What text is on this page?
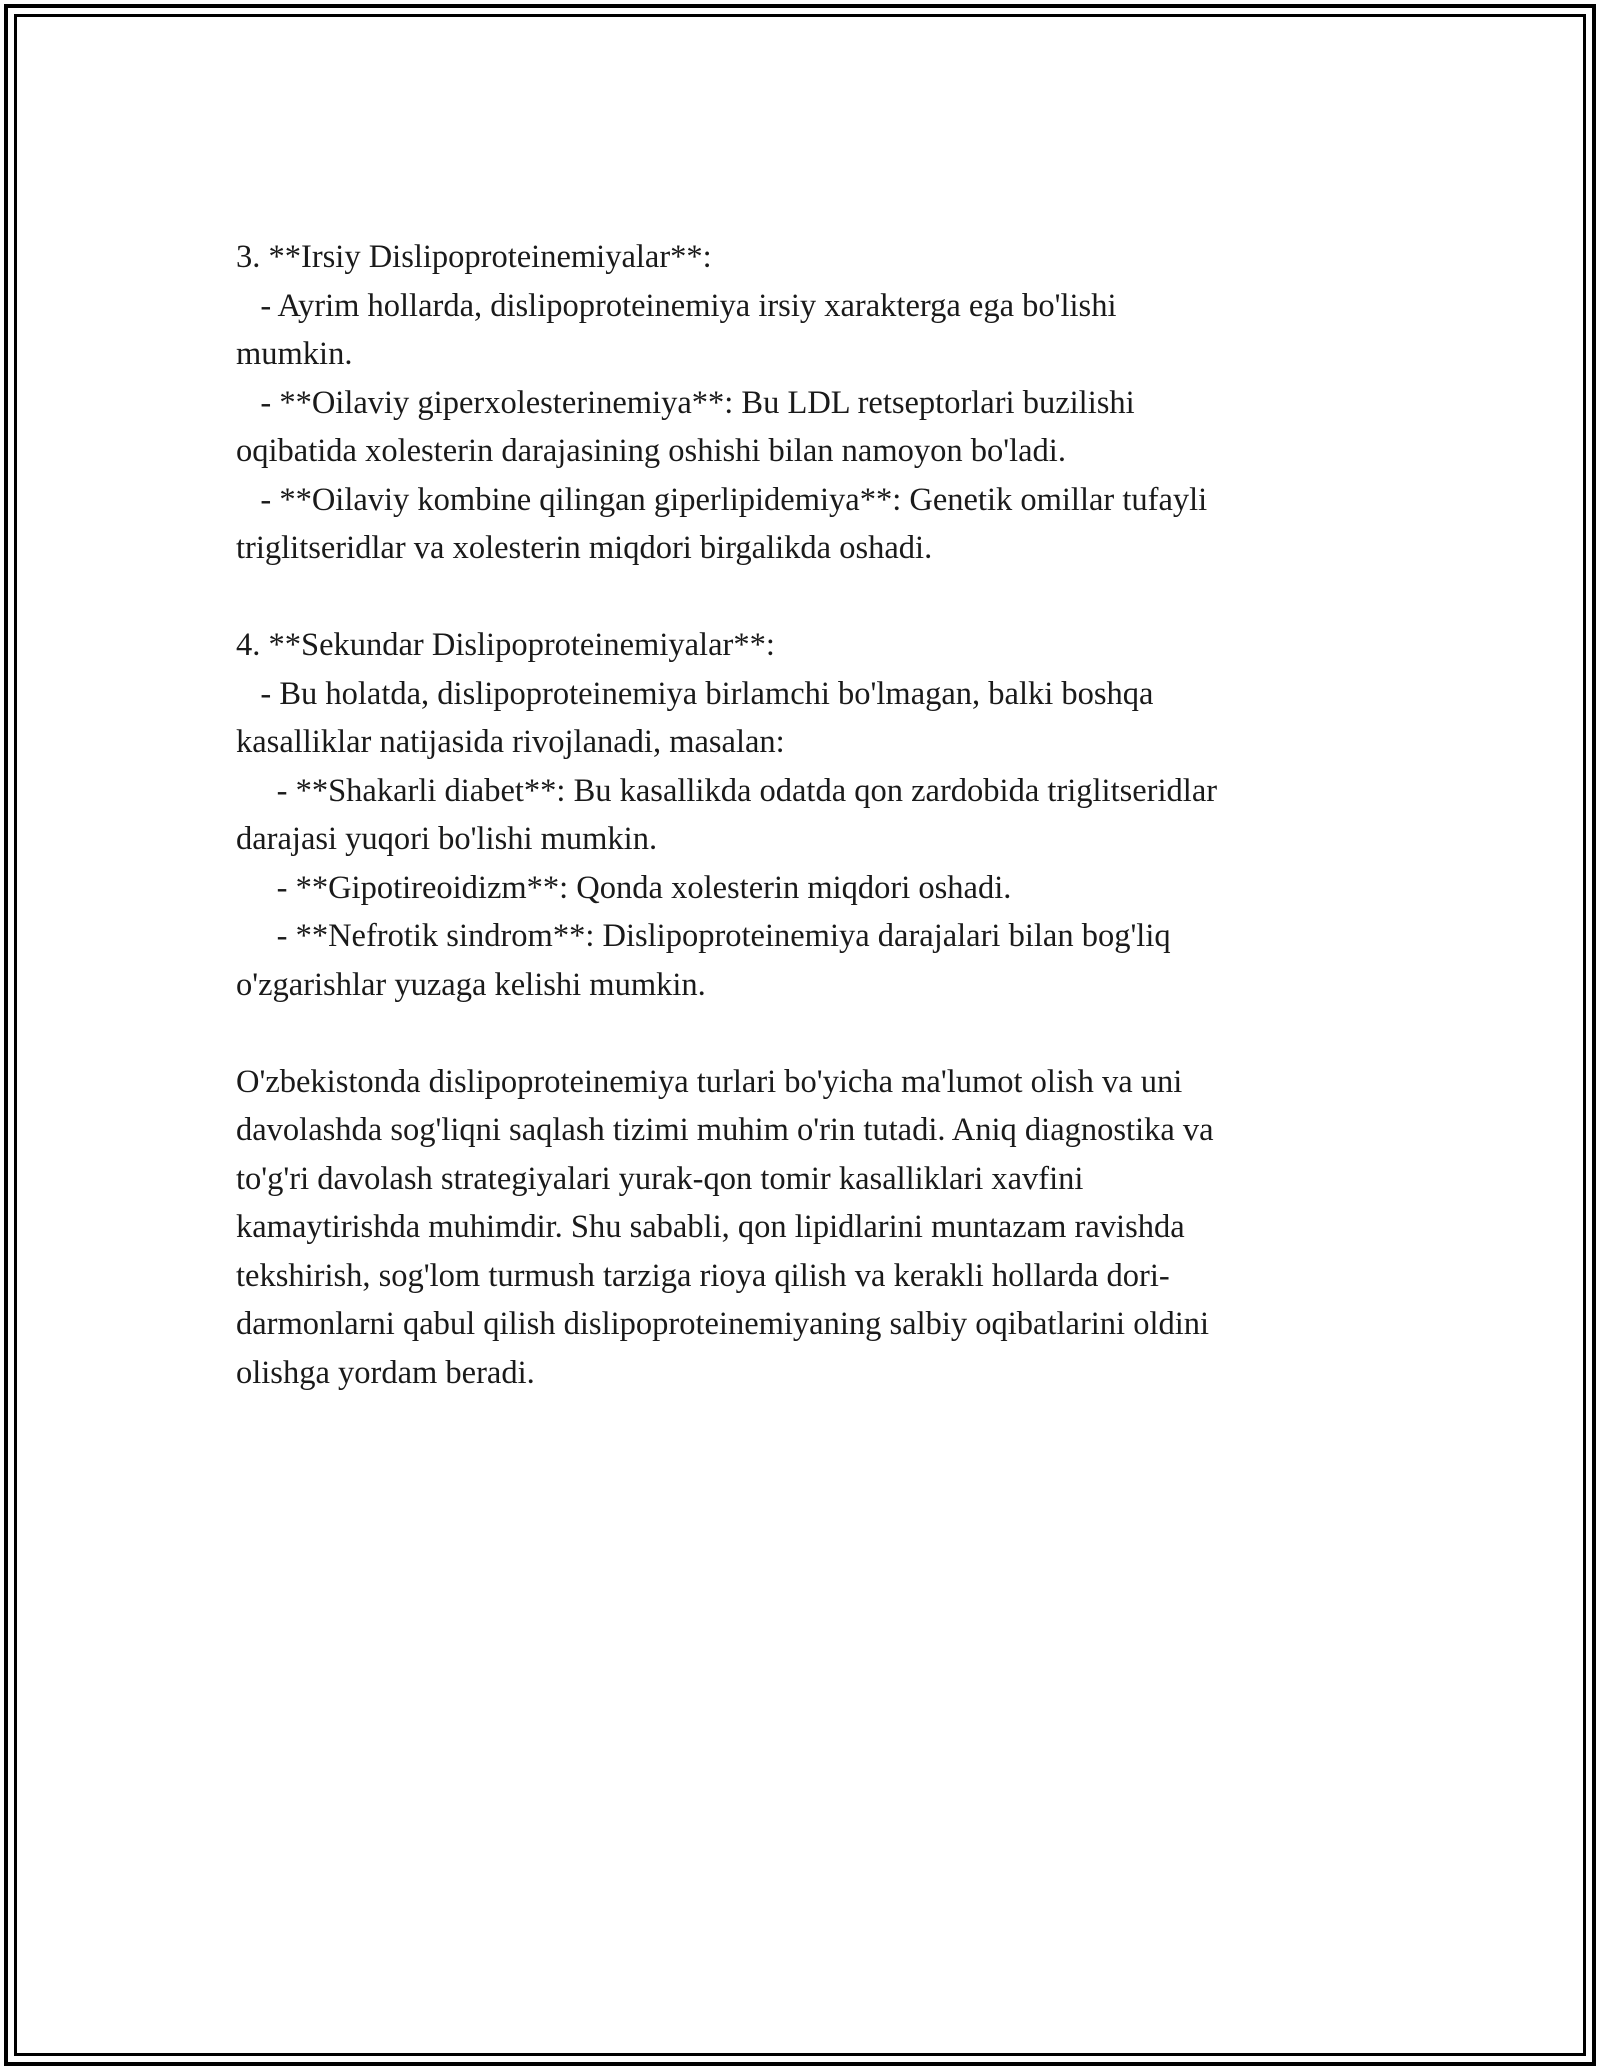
3. **Irsiy Dislipoproteinemiyalar**:
- Ayrim hollarda, dislipoproteinemiya irsiy xarakterga ega bo'lishi
mumkin.
- **Oilaviy giperxolesterinemiya**: Bu LDL retseptorlari buzilishi
oqibatida xolesterin darajasining oshishi bilan namoyon bo'ladi.
- **Oilaviy kombine qilingan giperlipidemiya**: Genetik omillar tufayli
triglitseridlar va xolesterin miqdori birgalikda oshadi.
4. **Sekundar Dislipoproteinemiyalar**:
- Bu holatda, dislipoproteinemiya birlamchi bo'lmagan, balki boshqa
kasalliklar natijasida rivojlanadi, masalan:
- **Shakarli diabet**: Bu kasallikda odatda qon zardobida triglitseridlar
darajasi yuqori bo'lishi mumkin.
- **Gipotireoidizm**: Qonda xolesterin miqdori oshadi.
- **Nefrotik sindrom**: Dislipoproteinemiya darajalari bilan bog'liq
o'zgarishlar yuzaga kelishi mumkin.
O'zbekistonda dislipoproteinemiya turlari bo'yicha ma'lumot olish va uni
davolashda sog'liqni saqlash tizimi muhim o'rin tutadi. Aniq diagnostika va
to'g'ri davolash strategiyalari yurak-qon tomir kasalliklari xavfini
kamaytirishda muhimdir. Shu sababli, qon lipidlarini muntazam ravishda
tekshirish, sog'lom turmush tarziga rioya qilish va kerakli hollarda dori-
darmonlarni qabul qilish dislipoproteinemiyaning salbiy oqibatlarini oldini
olishga yordam beradi.
